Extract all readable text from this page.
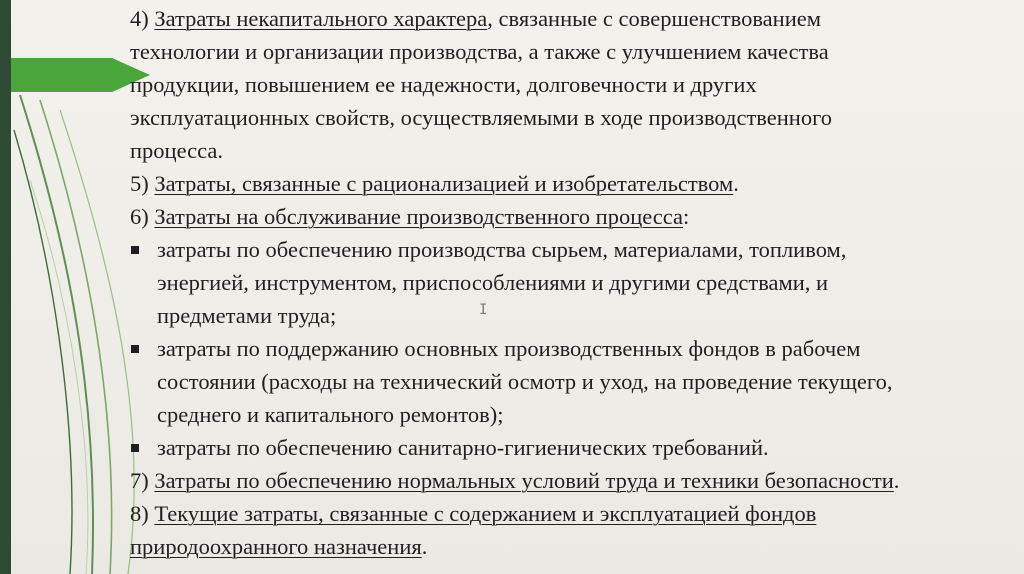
4) Затраты некапитального характера, связанные с совершенствованием

технологии и организации производства, а также с улучшением качества

продукции, повышением ее надежности, долговечности и других

эксплуатационных свойств, осуществляемыми в ходе производственного

процесса.

5) Затраты, связанные с рационализацией и изобретательством.

6) Затраты на обслуживание производственного процесса:

затраты по обеспечению производства сырьем, материалами, топливом,
энергией, инструментом, приспособлениями и другими средствами, и
предметами труда;
затраты по поддержанию основных производственных фондов в рабочем
состоянии (расходы на технический осмотр и уход, на проведение текущего,
среднего и капитального ремонтов);
затраты по обеспечению санитарно-гигиенических требований.

7) Затраты по обеспечению нормальных условий труда и техники безопасности.

8) Текущие затраты, связанные с содержанием и эксплуатацией фондов

природоохранного назначения.

I
